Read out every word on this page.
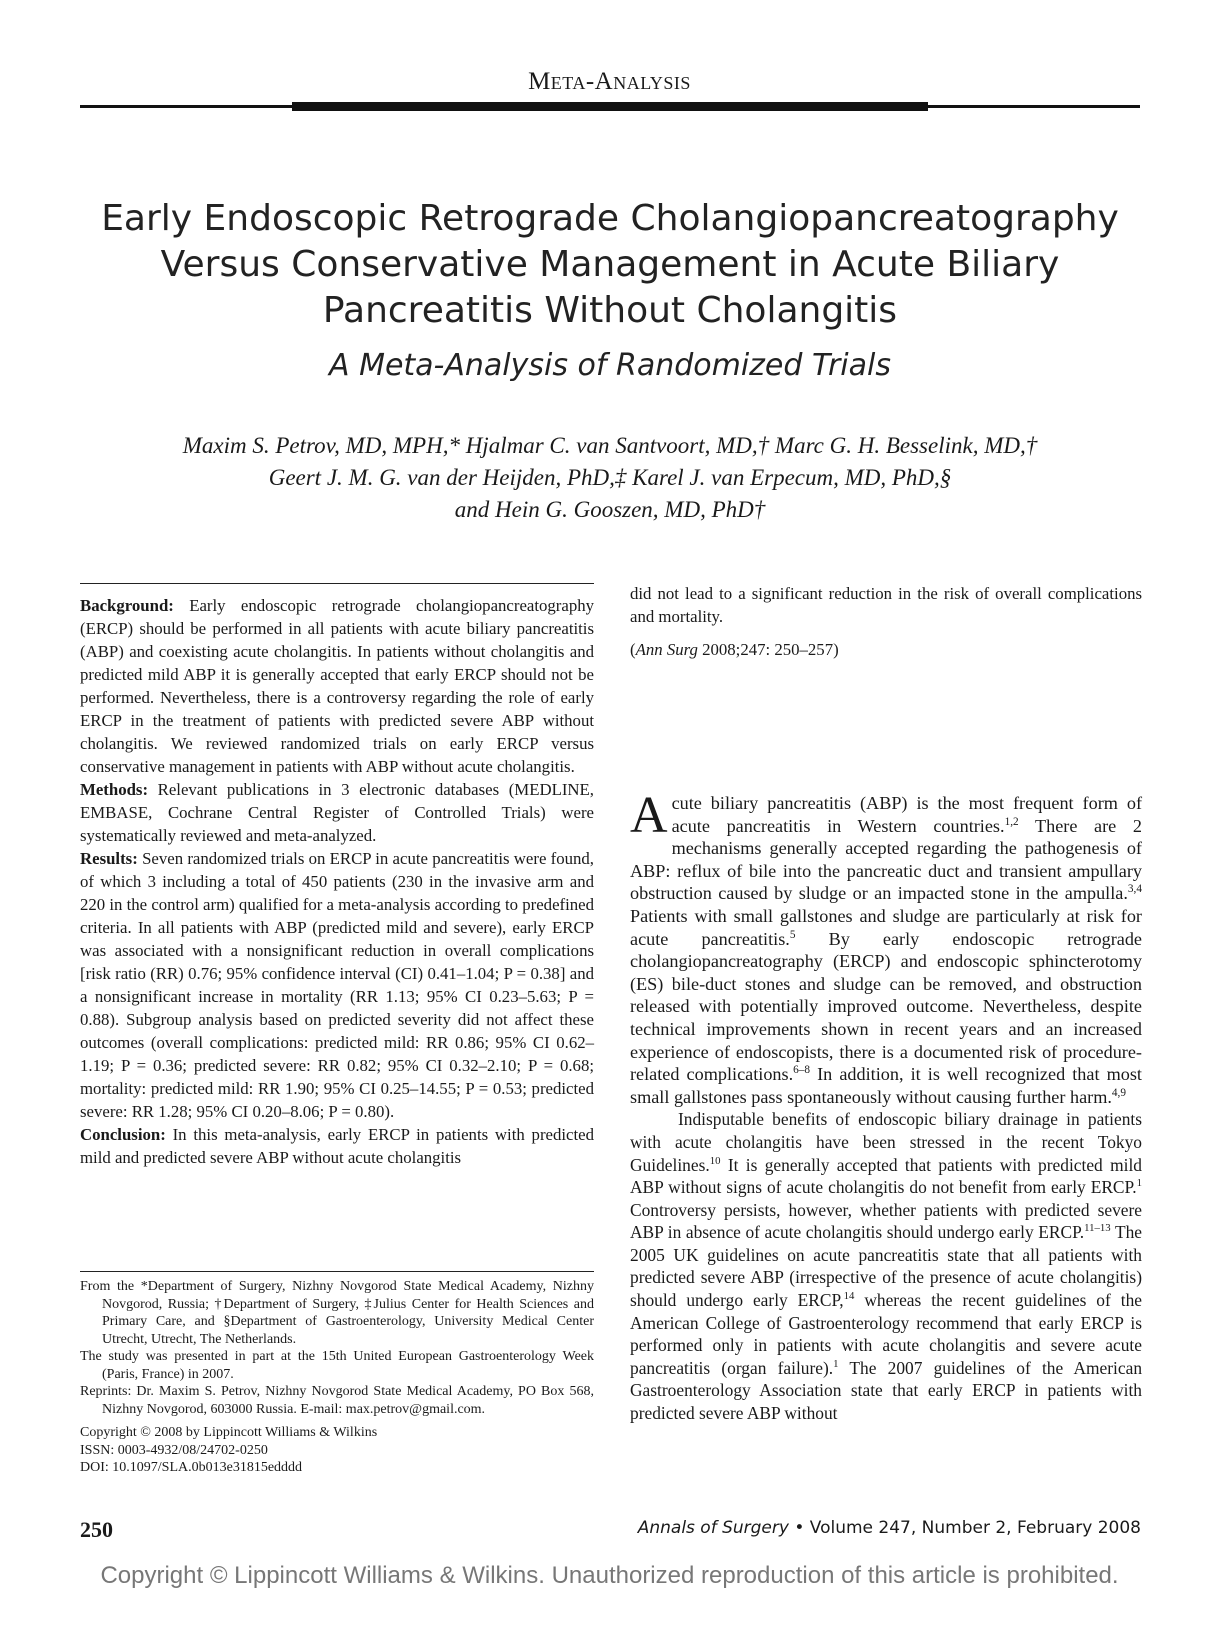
Meta-Analysis
Early Endoscopic Retrograde Cholangiopancreatography
Versus Conservative Management in Acute Biliary
Pancreatitis Without Cholangitis
A Meta-Analysis of Randomized Trials
Maxim S. Petrov, MD, MPH,* Hjalmar C. van Santvoort, MD,† Marc G. H. Besselink, MD,†
Geert J. M. G. van der Heijden, PhD,‡ Karel J. van Erpecum, MD, PhD,§
and Hein G. Gooszen, MD, PhD†

Background: Early endoscopic retrograde cholangiopancreatography (ERCP) should be performed in all patients with acute biliary pancreatitis (ABP) and coexisting acute cholangitis. In patients without cholangitis and predicted mild ABP it is generally accepted that early ERCP should not be performed. Nevertheless, there is a controversy regarding the role of early ERCP in the treatment of patients with predicted severe ABP without cholangitis. We reviewed randomized trials on early ERCP versus conservative management in patients with ABP without acute cholangitis.

Methods: Relevant publications in 3 electronic databases (MEDLINE, EMBASE, Cochrane Central Register of Controlled Trials) were systematically reviewed and meta-analyzed.

Results: Seven randomized trials on ERCP in acute pancreatitis were found, of which 3 including a total of 450 patients (230 in the invasive arm and 220 in the control arm) qualified for a meta-analysis according to predefined criteria. In all patients with ABP (predicted mild and severe), early ERCP was associated with a nonsignificant reduction in overall complications [risk ratio (RR) 0.76; 95% confidence interval (CI) 0.41–1.04; P = 0.38] and a nonsignificant increase in mortality (RR 1.13; 95% CI 0.23–5.63; P = 0.88). Subgroup analysis based on predicted severity did not affect these outcomes (overall complications: predicted mild: RR 0.86; 95% CI 0.62–1.19; P = 0.36; predicted severe: RR 0.82; 95% CI 0.32–2.10; P = 0.68; mortality: predicted mild: RR 1.90; 95% CI 0.25–14.55; P = 0.53; predicted severe: RR 1.28; 95% CI 0.20–8.06; P = 0.80).

Conclusion: In this meta-analysis, early ERCP in patients with predicted mild and predicted severe ABP without acute cholangitis

From the *Department of Surgery, Nizhny Novgorod State Medical Academy, Nizhny Novgorod, Russia; †Department of Surgery, ‡Julius Center for Health Sciences and Primary Care, and §Department of Gastroenterology, University Medical Center Utrecht, Utrecht, The Netherlands.

The study was presented in part at the 15th United European Gastroenterology Week (Paris, France) in 2007.

Reprints: Dr. Maxim S. Petrov, Nizhny Novgorod State Medical Academy, PO Box 568, Nizhny Novgorod, 603000 Russia. E-mail: max.petrov@gmail.com.

Copyright © 2008 by Lippincott Williams & Wilkins

ISSN: 0003-4932/08/24702-0250

DOI: 10.1097/SLA.0b013e31815edddd

did not lead to a significant reduction in the risk of overall complications and mortality.

(Ann Surg 2008;247: 250–257)

Acute biliary pancreatitis (ABP) is the most frequent form of acute pancreatitis in Western countries.$^{1,2}$ There are 2 mechanisms generally accepted regarding the pathogenesis of ABP: reflux of bile into the pancreatic duct and transient ampullary obstruction caused by sludge or an impacted stone in the ampulla.$^{3,4}$ Patients with small gallstones and sludge are particularly at risk for acute pancreatitis.$^5$ By early endoscopic retrograde cholangiopancreatography (ERCP) and endoscopic sphincterotomy (ES) bile-duct stones and sludge can be removed, and obstruction released with potentially improved outcome. Nevertheless, despite technical improvements shown in recent years and an increased experience of endoscopists, there is a documented risk of procedure-related complications.$^{6-8}$ In addition, it is well recognized that most small gallstones pass spontaneously without causing further harm.$^{4,9}$

Indisputable benefits of endoscopic biliary drainage in patients with acute cholangitis have been stressed in the recent Tokyo Guidelines.$^{10}$ It is generally accepted that patients with predicted mild ABP without signs of acute cholangitis do not benefit from early ERCP.$^1$ Controversy persists, however, whether patients with predicted severe ABP in absence of acute cholangitis should undergo early ERCP.$^{11-13}$ The 2005 UK guidelines on acute pancreatitis state that all patients with predicted severe ABP (irrespective of the presence of acute cholangitis) should undergo early ERCP,$^{14}$ whereas the recent guidelines of the American College of Gastroenterology recommend that early ERCP is performed only in patients with acute cholangitis and severe acute pancreatitis (organ failure).$^1$ The 2007 guidelines of the American Gastroenterology Association state that early ERCP in patients with predicted severe ABP without

250	Annals of Surgery • Volume 247, Number 2, February 2008
Copyright © Lippincott Williams & Wilkins. Unauthorized reproduction of this article is prohibited.
